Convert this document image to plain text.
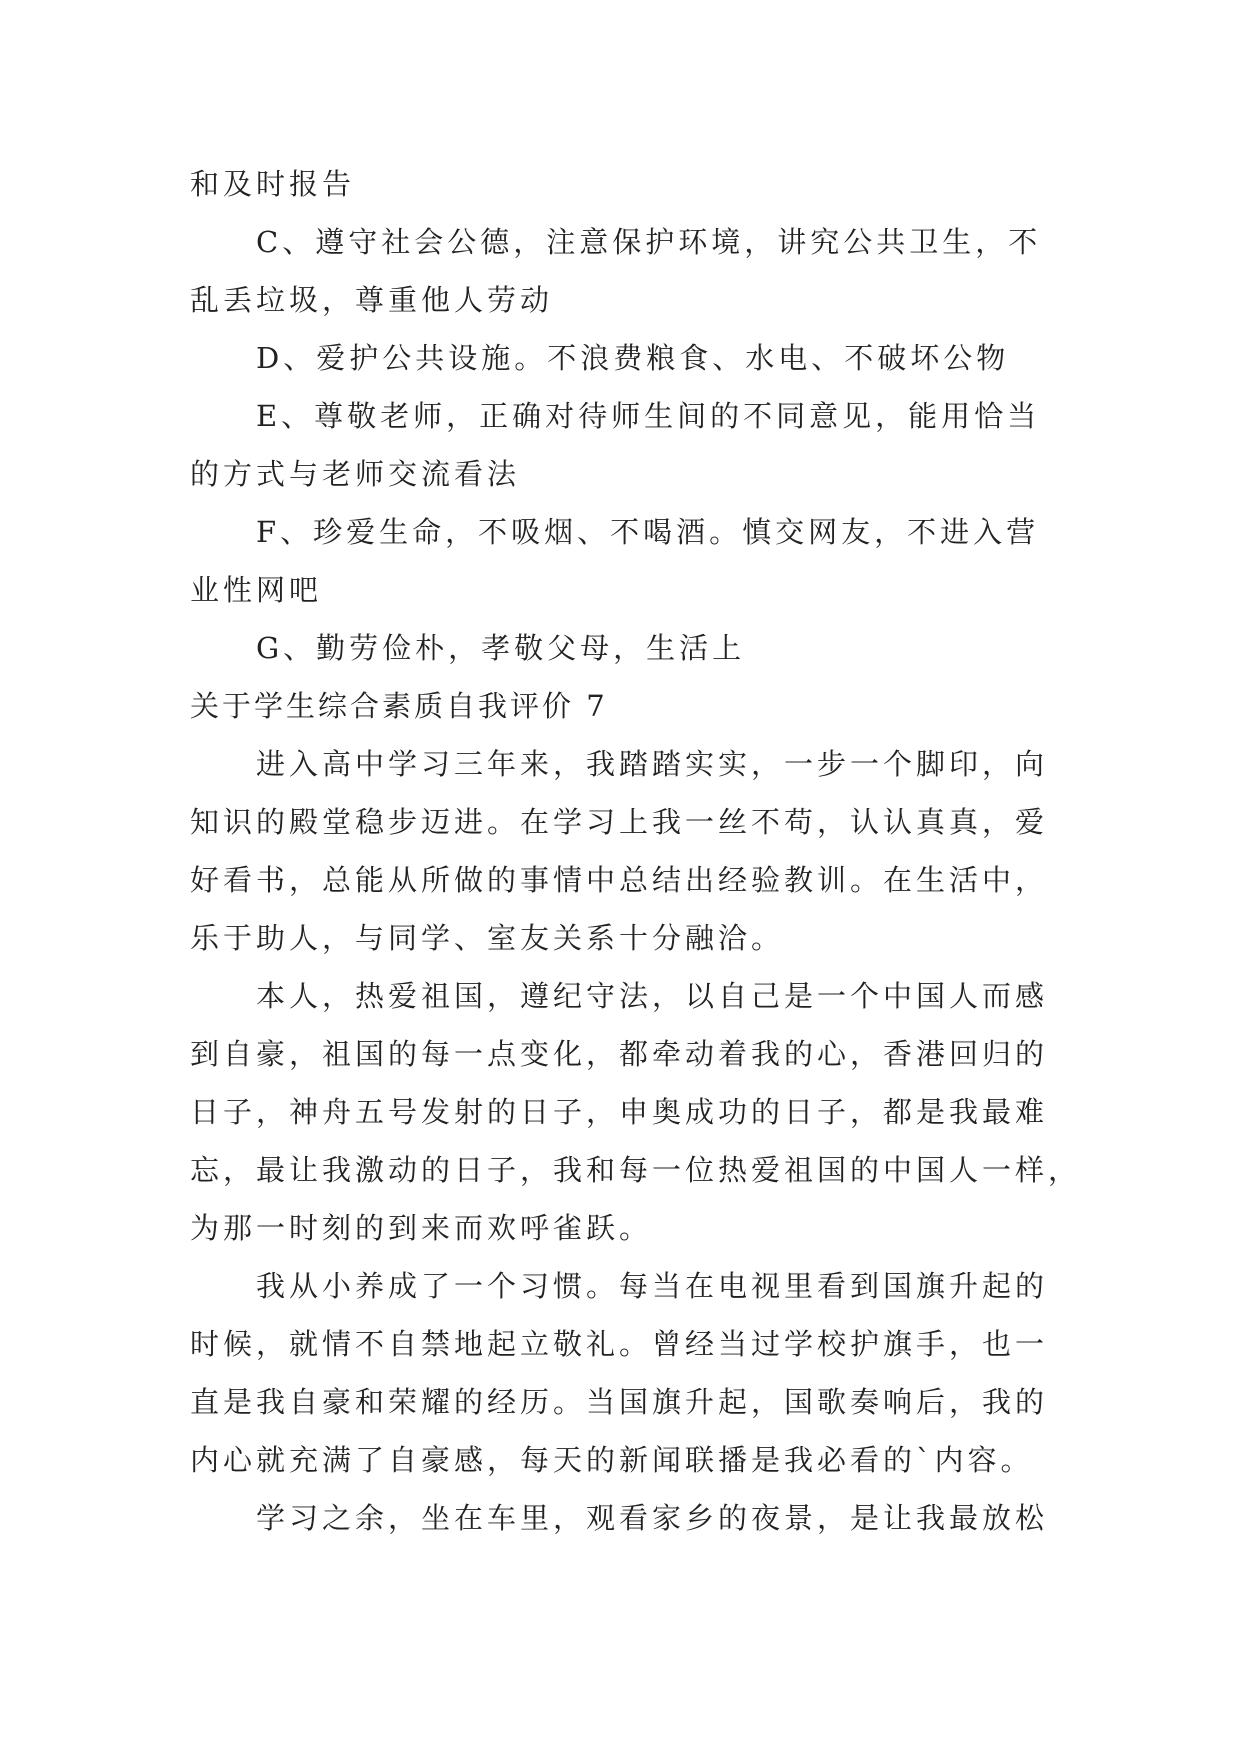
和及时报告

C、遵守社会公德，注意保护环境，讲究公共卫生，不

乱丢垃圾，尊重他人劳动

D、爱护公共设施。不浪费粮食、水电、不破坏公物

E、尊敬老师，正确对待师生间的不同意见，能用恰当

的方式与老师交流看法

F、珍爱生命，不吸烟、不喝酒。慎交网友，不进入营

业性网吧

G、勤劳俭朴，孝敬父母，生活上

关于学生综合素质自我评价 7

进入高中学习三年来，我踏踏实实，一步一个脚印，向

知识的殿堂稳步迈进。在学习上我一丝不苟，认认真真，爱

好看书，总能从所做的事情中总结出经验教训。在生活中，

乐于助人，与同学、室友关系十分融洽。

本人，热爱祖国，遵纪守法，以自己是一个中国人而感

到自豪，祖国的每一点变化，都牵动着我的心，香港回归的

日子，神舟五号发射的日子，申奥成功的日子，都是我最难

忘，最让我激动的日子，我和每一位热爱祖国的中国人一样，

为那一时刻的到来而欢呼雀跃。

我从小养成了一个习惯。每当在电视里看到国旗升起的

时候，就情不自禁地起立敬礼。曾经当过学校护旗手，也一

直是我自豪和荣耀的经历。当国旗升起，国歌奏响后，我的

内心就充满了自豪感，每天的新闻联播是我必看的`内容。

学习之余，坐在车里，观看家乡的夜景，是让我最放松
